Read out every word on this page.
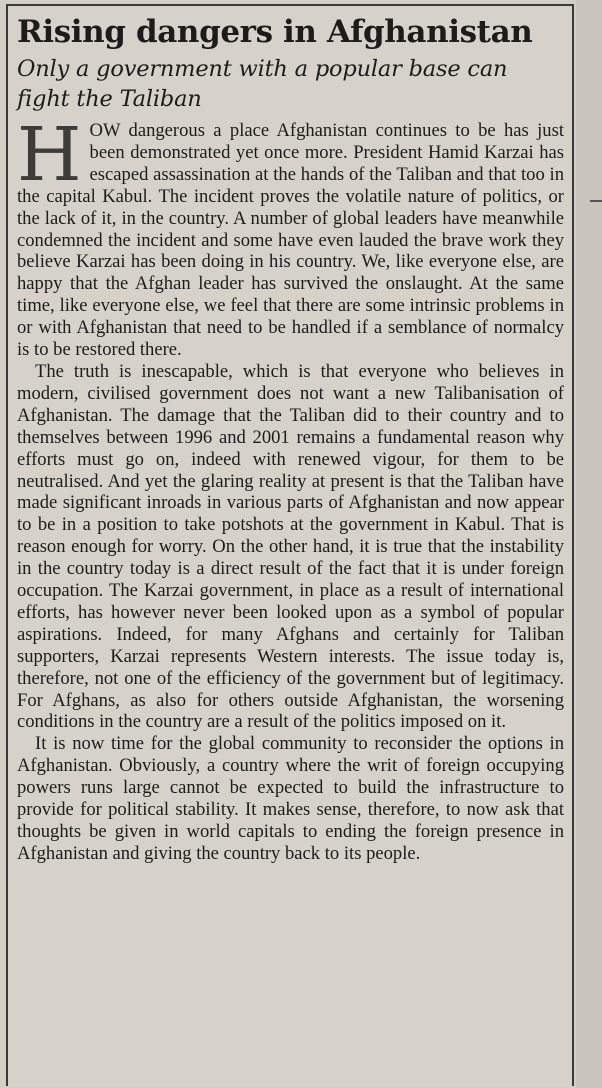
Rising dangers in Afghanistan
Only a government with a popular base can fight the Taliban

HOW dangerous a place Afghanistan continues to be has just been demonstrated yet once more. President Hamid Karzai has escaped assassination at the hands of the Taliban and that too in the capital Kabul. The incident proves the volatile nature of politics, or the lack of it, in the country. A number of global leaders have meanwhile condemned the incident and some have even lauded the brave work they believe Karzai has been doing in his country. We, like everyone else, are happy that the Afghan leader has survived the onslaught. At the same time, like everyone else, we feel that there are some intrinsic problems in or with Afghanistan that need to be handled if a semblance of normalcy is to be restored there.

The truth is inescapable, which is that everyone who believes in modern, civilised government does not want a new Talibanisation of Afghanistan. The damage that the Taliban did to their country and to themselves between 1996 and 2001 remains a fundamental reason why efforts must go on, indeed with renewed vigour, for them to be neutralised. And yet the glaring reality at present is that the Taliban have made significant inroads in various parts of Afghanistan and now appear to be in a position to take potshots at the government in Kabul. That is reason enough for worry. On the other hand, it is true that the instability in the country today is a direct result of the fact that it is under foreign occupation. The Karzai government, in place as a result of international efforts, has however never been looked upon as a symbol of popular aspirations. Indeed, for many Afghans and certainly for Taliban supporters, Karzai represents Western interests. The issue today is, therefore, not one of the efficiency of the government but of legitimacy. For Afghans, as also for others outside Afghanistan, the worsening conditions in the country are a result of the politics imposed on it.

It is now time for the global community to reconsider the options in Afghanistan. Obviously, a country where the writ of foreign occupying powers runs large cannot be expected to build the infrastructure to provide for political stability. It makes sense, therefore, to now ask that thoughts be given in world capitals to ending the foreign presence in Afghanistan and giving the country back to its people.
